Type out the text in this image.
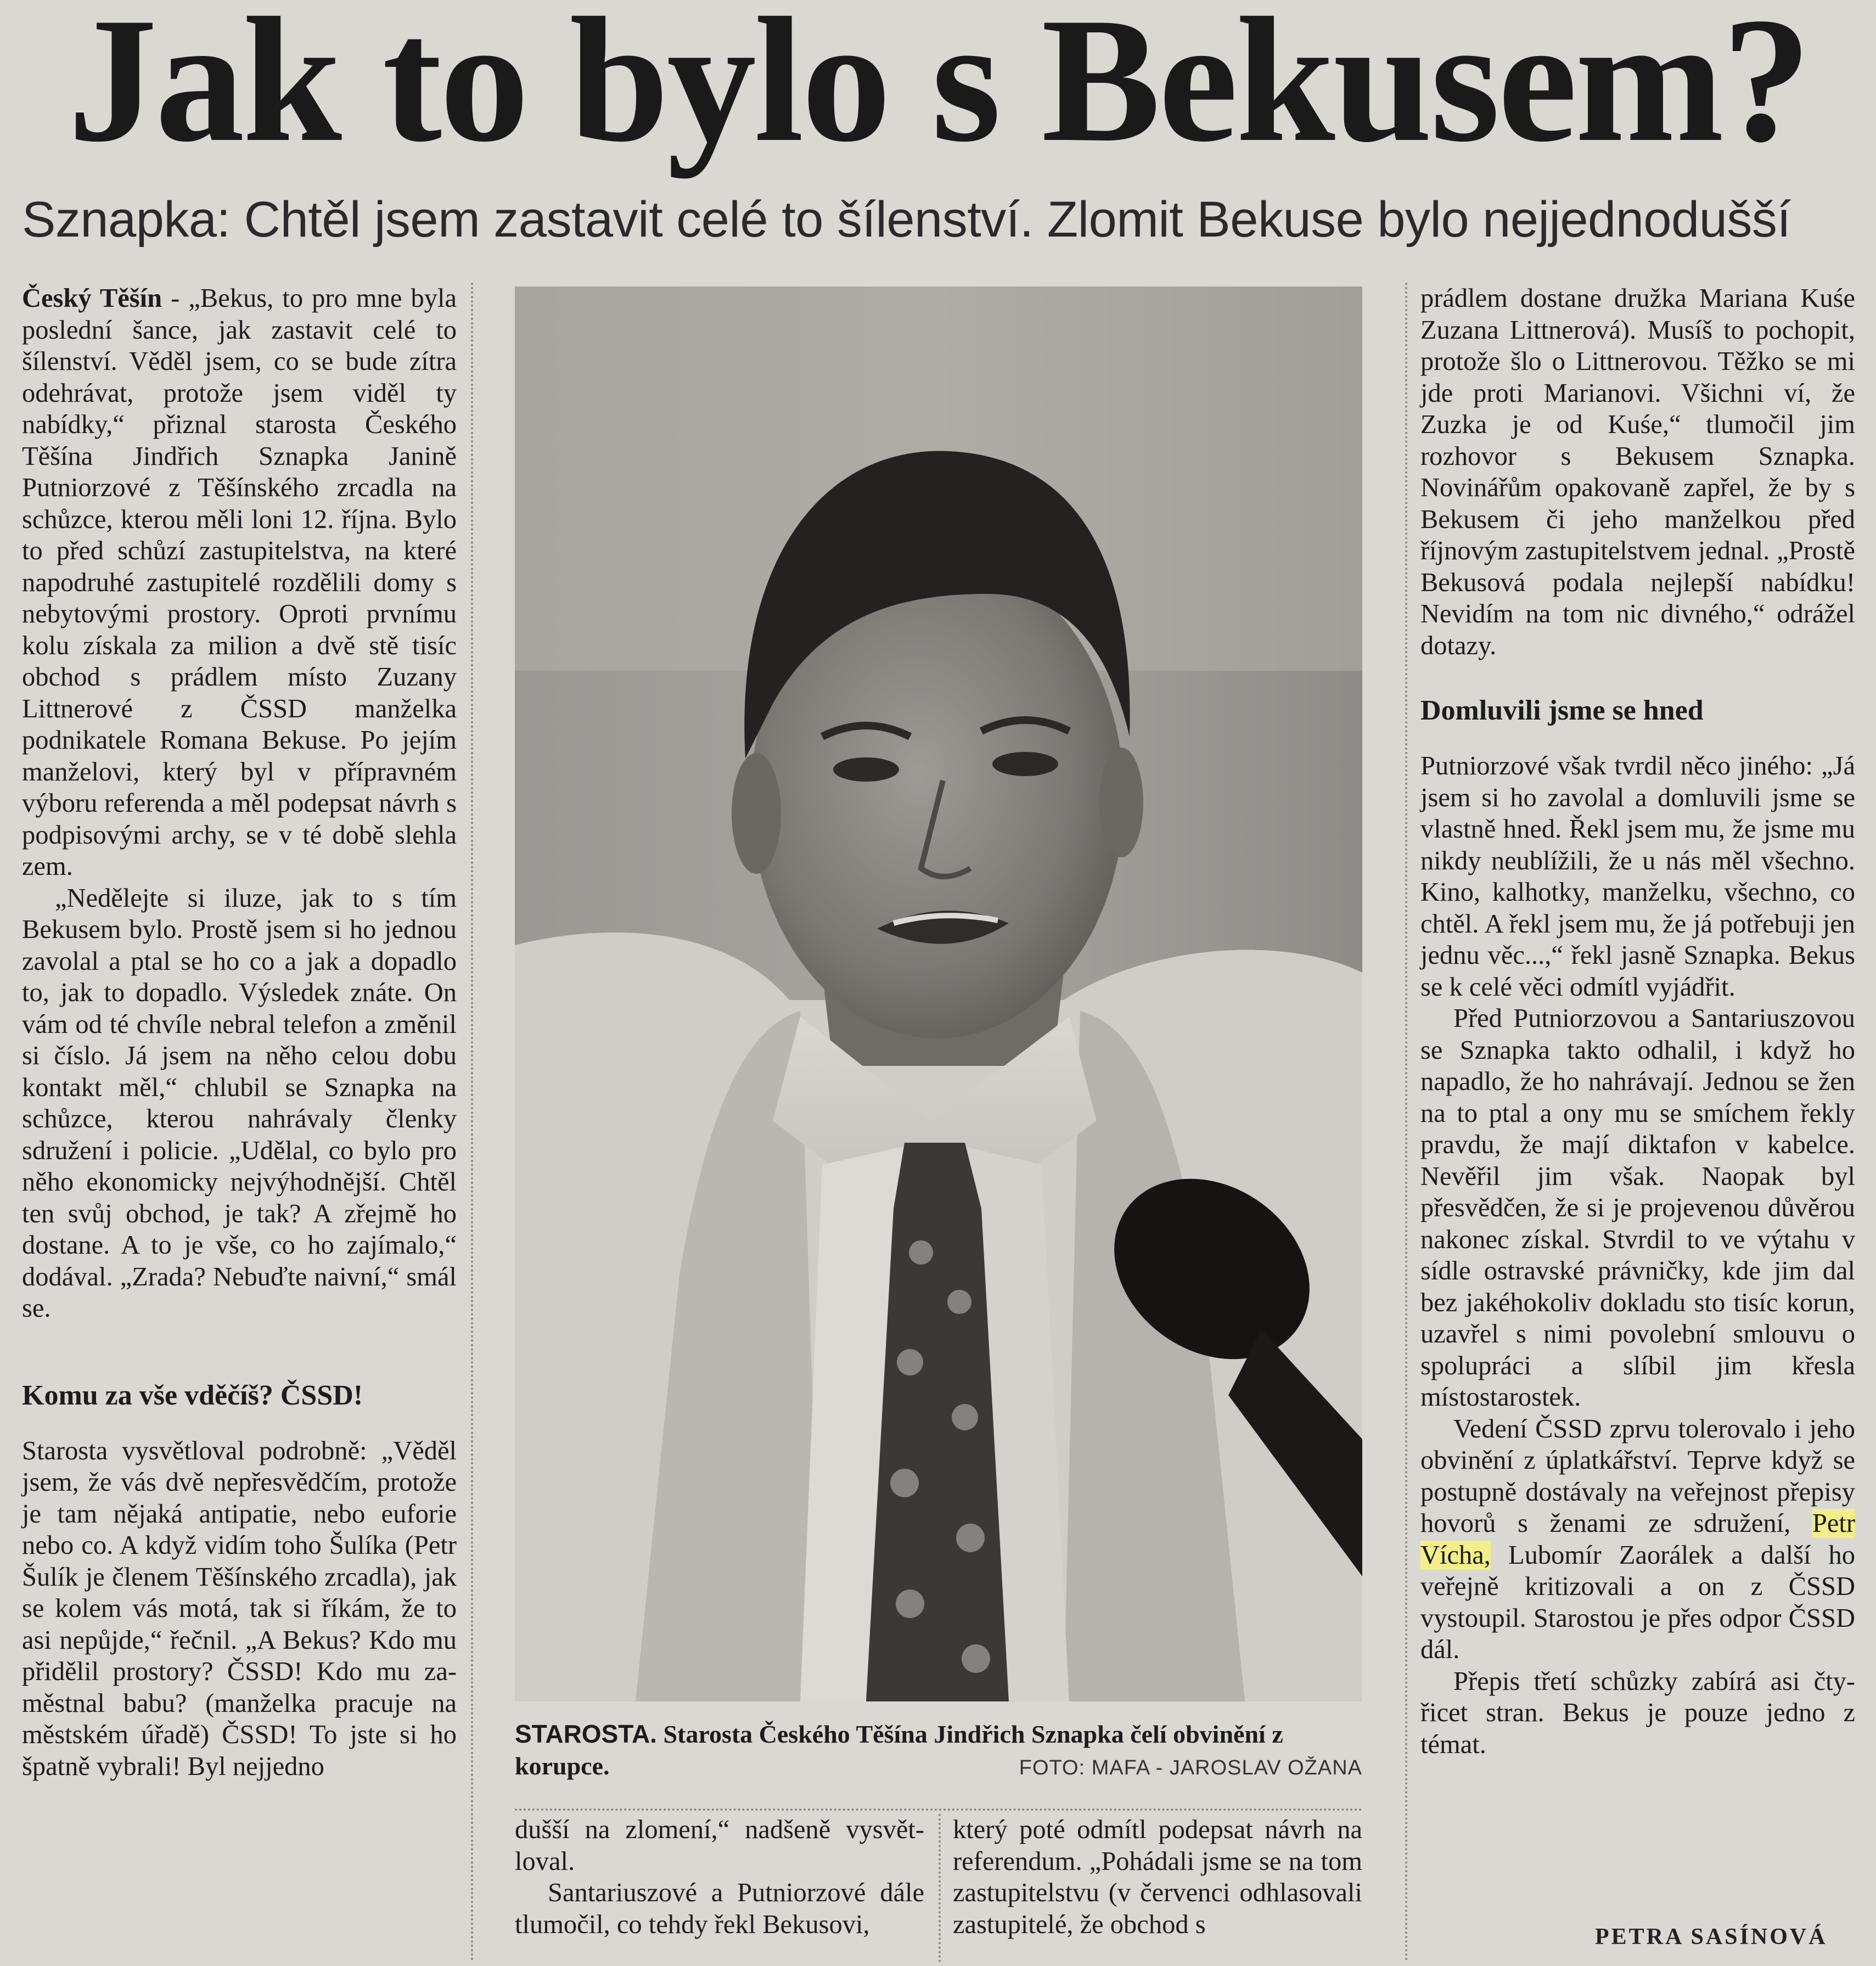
Jak to bylo s Bekusem?
Sznapka: Chtěl jsem zastavit celé to šílenství. Zlomit Bekuse bylo nejjednodušší

Český Těšín - „Bekus, to pro mne byla poslední šance, jak zastavit celé to šílenství. Věděl jsem, co se bude zítra odehrávat, protože jsem viděl ty nabídky,“ přiznal starosta Českého Těšína Jindřich Sznapka Janině Putniorzové z Těšínského zrcadla na schůzce, kterou měli loni 12. října. Bylo to před schůzí zastupitelstva, na které napodruhé zastupitelé rozdělili domy s nebytovými prostory. Oproti prvnímu kolu získala za milion a dvě stě tisíc obchod s prádlem místo Zuzany Littnerové z ČSSD manželka podnikatele Romana Bekuse. Po jejím manželovi, který byl v přípravném výboru referenda a měl podepsat návrh s podpisovými archy, se v té době slehla zem.

„Nedělejte si iluze, jak to s tím Bekusem bylo. Prostě jsem si ho jednou zavolal a ptal se ho co a jak a dopadlo to, jak to dopadlo. Výsledek znáte. On vám od té chvíle nebral telefon a změnil si číslo. Já jsem na něho celou dobu kontakt měl,“ chlubil se Sznapka na schůzce, kterou nahrávaly členky sdružení i policie. „Udělal, co bylo pro něho ekonomicky nejvýhodnější. Chtěl ten svůj obchod, je tak? A zřejmě ho dostane. A to je vše, co ho zajímalo,“ dodával. „Zrada? Nebuďte naivní,“ smál se.

Komu za vše vděčíš? ČSSD!

Starosta vysvětloval podrobně: „Věděl jsem, že vás dvě nepřesvědčím, protože je tam nějaká antipatie, nebo euforie nebo co. A když vidím toho Šulíka (Petr Šulík je členem Těšínského zrcadla), jak se kolem vás motá, tak si říkám, že to asi nepůjde,“ řečnil. „A Bekus? Kdo mu přidělil prostory? ČSSD! Kdo mu zaměstnal babu? (manželka pracuje na městském úřadě) ČSSD! To jste si ho špatně vybrali! Byl nejjedno

STAROSTA. Starosta Českého Těšína Jindřich Sznapka čelí obvinění z korupce.	FOTO: MAFA - JAROSLAV OŽANA

dušší na zlomení,“ nadšeně vysvětloval.

Santariuszové a Putniorzové dále tlumočil, co tehdy řekl Bekusovi,

který poté odmítl podepsat návrh na referendum. „Pohádali jsme se na tom zastupitelstvu (v červenci odhlasovali zastupitelé, že obchod s

prádlem dostane družka Mariana Kuśe Zuzana Littnerová). Musíš to pochopit, protože šlo o Littnerovou. Těžko se mi jde proti Marianovi. Všichni ví, že Zuzka je od Kuśe,“ tlumočil jim rozhovor s Bekusem Sznapka. Novinářům opakovaně zapřel, že by s Bekusem či jeho manželkou před říjnovým zastupitelstvem jednal. „Prostě Bekusová podala nejlepší nabídku! Nevidím na tom nic divného,“ odrážel dotazy.

Domluvili jsme se hned

Putniorzové však tvrdil něco jiného: „Já jsem si ho zavolal a domluvili jsme se vlastně hned. Řekl jsem mu, že jsme mu nikdy neublížili, že u nás měl všechno. Kino, kalhotky, manželku, všechno, co chtěl. A řekl jsem mu, že já potřebuji jen jednu věc...,“ řekl jasně Sznapka. Bekus se k celé věci odmítl vyjádřit.

Před Putniorzovou a Santariuszovou se Sznapka takto odhalil, i když ho napadlo, že ho nahrávají. Jednou se žen na to ptal a ony mu se smíchem řekly pravdu, že mají diktafon v kabelce. Nevěřil jim však. Naopak byl přesvědčen, že si je projevenou důvěrou nakonec získal. Stvrdil to ve výtahu v sídle ostravské právničky, kde jim dal bez jakéhokoliv dokladu sto tisíc korun, uzavřel s nimi povolební smlouvu o spolupráci a slíbil jim křesla místostarostek.

Vedení ČSSD zprvu tolerovalo i jeho obvinění z úplatkářství. Teprve když se postupně dostávaly na veřejnost přepisy hovorů s ženami ze sdružení, Petr Vícha, Lubomír Zaorálek a další ho veřejně kritizovali a on z ČSSD vystoupil. Starostou je přes odpor ČSSD dál.

Přepis třetí schůzky zabírá asi čtyřicet stran. Bekus je pouze jedno z témat.

PETRA SASÍNOVÁ
